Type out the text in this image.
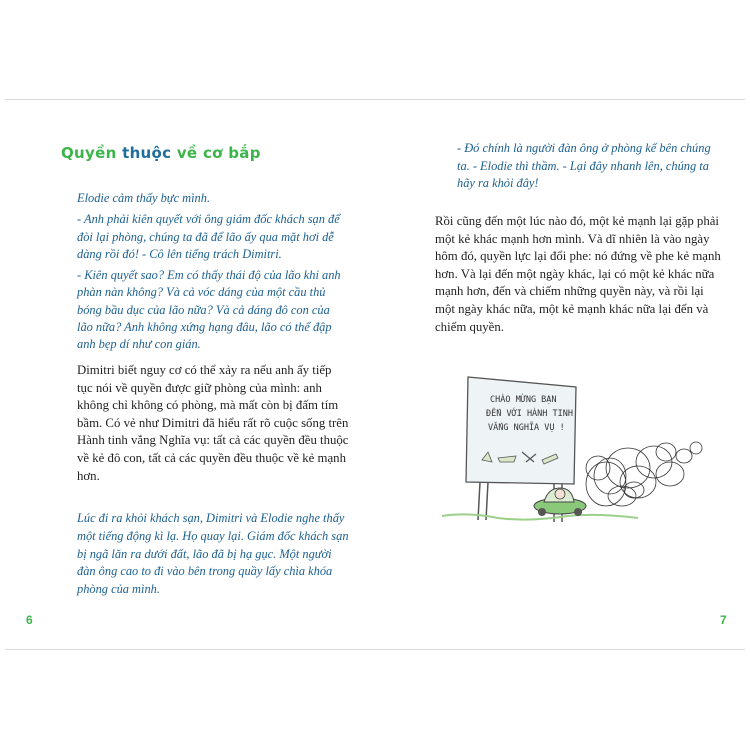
Quyền thuộc về cơ bắp

Elodie cảm thấy bực mình.

- Anh phải kiên quyết với ông giám đốc khách sạn để đòi lại phòng, chúng ta đã để lão ấy qua mặt hơi dễ dàng rồi đó! - Cô lên tiếng trách Dimitri.

- Kiên quyết sao? Em có thấy thái độ của lão khi anh phàn nàn không? Và cả vóc dáng của một cầu thủ bóng bầu dục của lão nữa? Và cả dáng đô con của lão nữa? Anh không xứng hạng đâu, lão có thể đập anh bẹp dí như con gián.

Dimitri biết nguy cơ có thể xảy ra nếu anh ấy tiếp tục nói về quyền được giữ phòng của mình: anh không chỉ không có phòng, mà mất còn bị đấm tím bầm. Có vẻ như Dimitri đã hiểu rất rõ cuộc sống trên Hành tinh vắng Nghĩa vụ: tất cả các quyền đều thuộc về kẻ đô con, tất cả các quyền đều thuộc về kẻ mạnh hơn.
Lúc đi ra khỏi khách sạn, Dimitri và Elodie nghe thấy một tiếng động kì lạ. Họ quay lại. Giám đốc khách sạn bị ngã lăn ra dưới đất, lão đã bị hạ gục. Một người đàn ông cao to đi vào bên trong quầy lấy chìa khóa phòng của mình.
6
- Đó chính là người đàn ông ở phòng kế bên chúng ta. - Elodie thì thầm. - Lại đây nhanh lên, chúng ta hãy ra khỏi đây!
Rồi cũng đến một lúc nào đó, một kẻ mạnh lại gặp phải một kẻ khác mạnh hơn mình. Và dĩ nhiên là vào ngày hôm đó, quyền lực lại đổi phe: nó đứng về phe kẻ mạnh hơn. Và lại đến một ngày khác, lại có một kẻ khác nữa mạnh hơn, đến và chiếm những quyền này, và rồi lại một ngày khác nữa, một kẻ mạnh khác nữa lại đến và chiếm quyền.
CHÀO MỪNG BẠN
ĐẾN VỚI HÀNH TINH
VẮNG NGHĨA VỤ !
7
